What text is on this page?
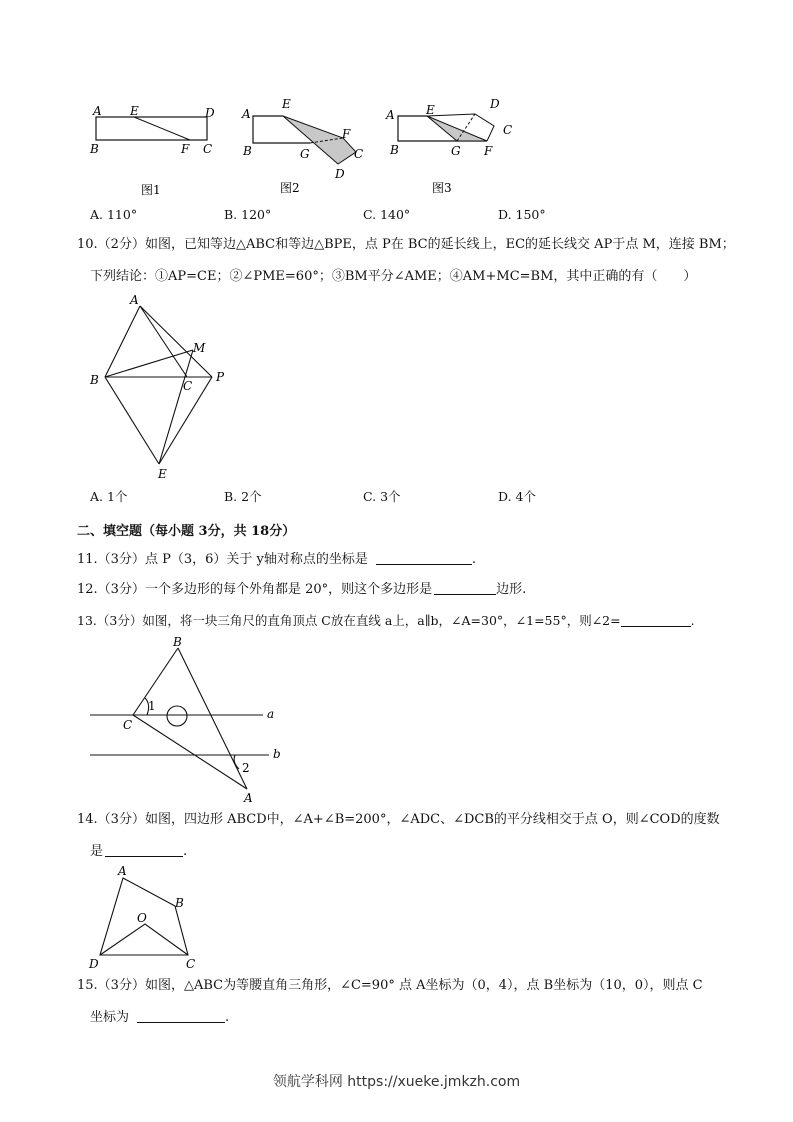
A E	D
B	F C
图1
A
E
F
B	G	C
D
图2
A	E	D
C
B	G F
图3
A. 110°	B. 120°	C. 140°	D. 150°
10.（2分）如图，已知等边△ABC和等边△BPE，点 P在 BC的延长线上，EC的延长线交 AP于点 M，连接 BM；
下列结论：①AP=CE；②∠PME=60°；③BM平分∠AME；④AM+MC=BM，其中正确的有（　　）
A
M
B	C
P
E
A. 1个	B. 2个	C. 3个	D. 4个
二、填空题（每小题 3分，共 18分）
11.（3分）点 P（3，6）关于 y轴对称点的坐标是	.
12.（3分）一个多边形的每个外角都是 20°，则这个多边形是	边形.
13.（3分）如图，将一块三角尺的直角顶点 C放在直线 a上，a∥b，∠A=30°，∠1=55°，则∠2=	.
B
1
C
a
b
2
A
14.（3分）如图，四边形 ABCD中，∠A+∠B=200°，∠ADC、∠DCB的平分线相交于点 O，则∠COD的度数
是	.
A
B
O
D	C
15.（3分）如图，△ABC为等腰直角三角形，∠C=90° 点 A坐标为（0，4），点 B坐标为（10，0），则点 C
坐标为	.
领航学科网 https://xueke.jmkzh.com
